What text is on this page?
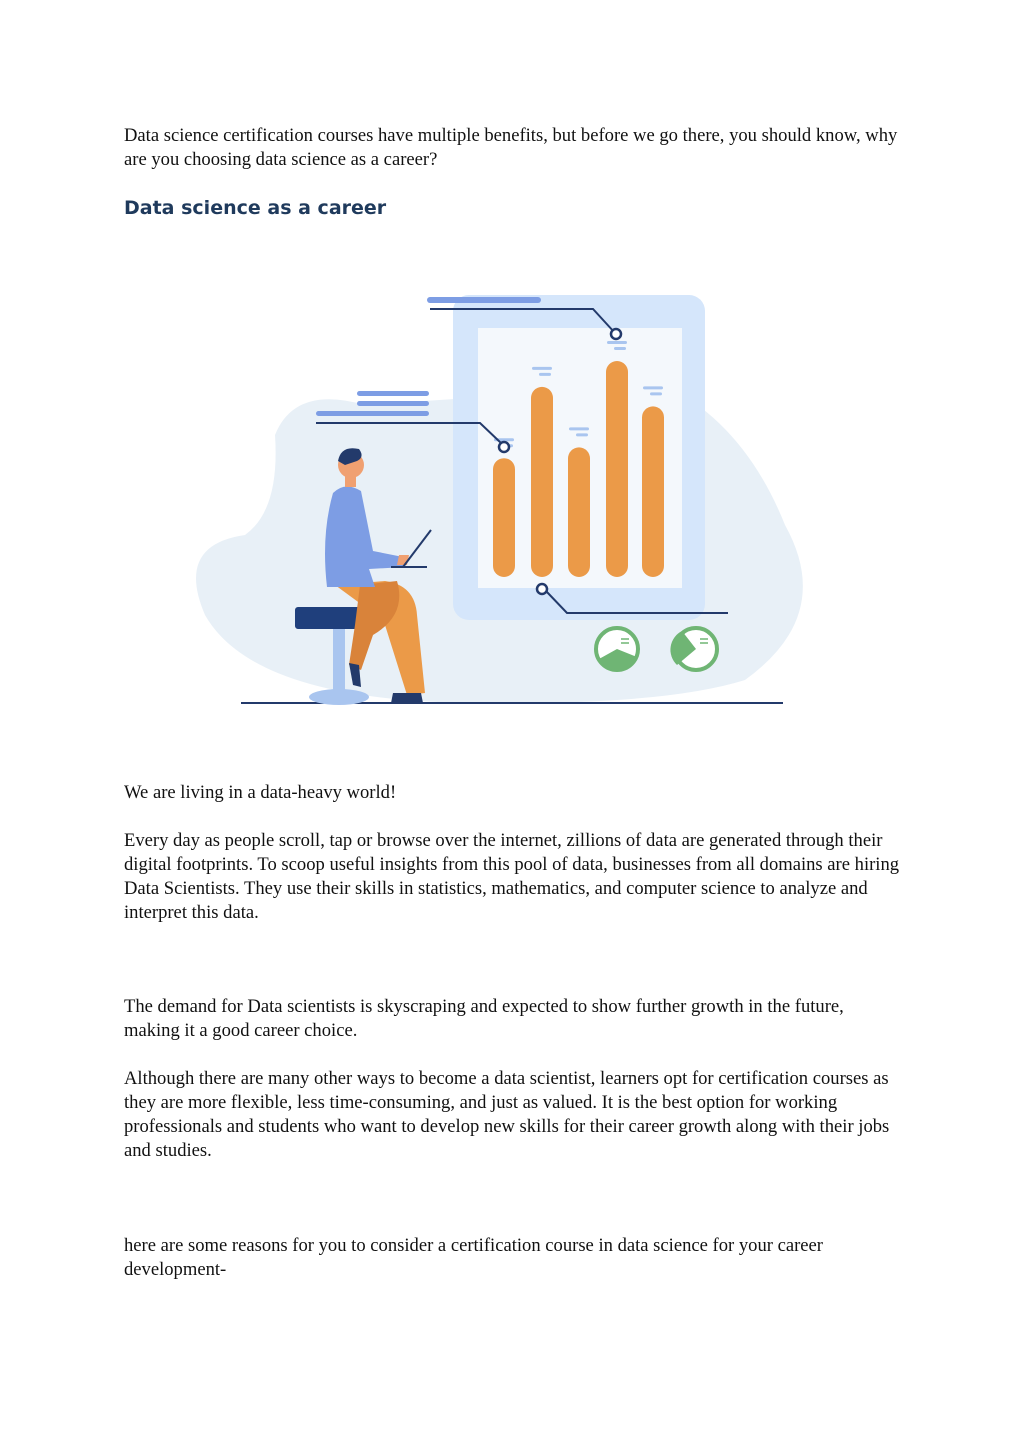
Data science certification courses have multiple benefits, but before we go there, you should know, why are you choosing data science as a career?

Data science as a career

We are living in a data-heavy world!

Every day as people scroll, tap or browse over the internet, zillions of data are generated through their digital footprints. To scoop useful insights from this pool of data, businesses from all domains are hiring Data Scientists. They use their skills in statistics, mathematics, and computer science to analyze and interpret this data.

The demand for Data scientists is skyscraping and expected to show further growth in the future, making it a good career choice.

Although there are many other ways to become a data scientist, learners opt for certification courses as they are more flexible, less time-consuming, and just as valued. It is the best option for working professionals and students who want to develop new skills for their career growth along with their jobs and studies.

here are some reasons for you to consider a certification course in data science for your career development-
